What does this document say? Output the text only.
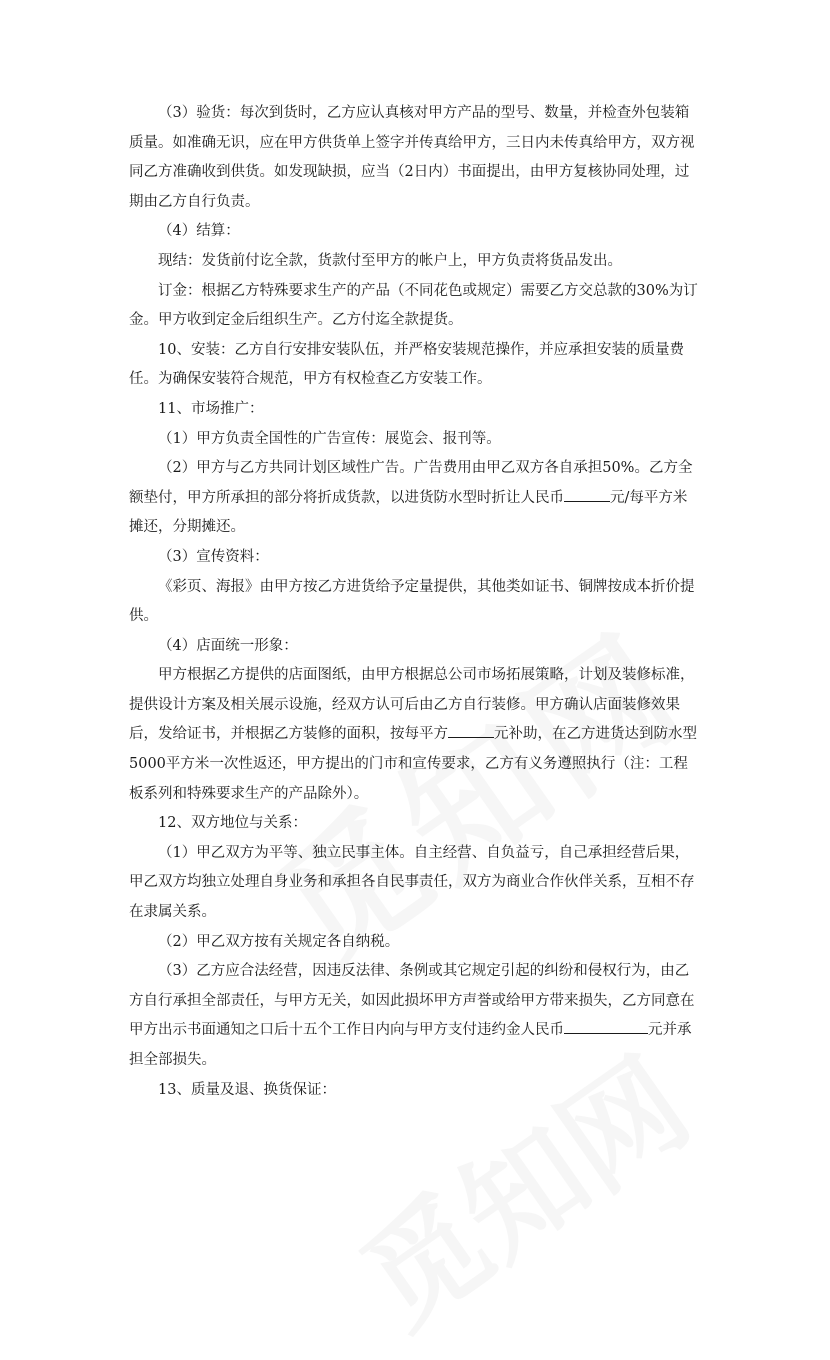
（3）验货：每次到货时，乙方应认真核对甲方产品的型号、数量，并检查外包装箱质量。如准确无识，应在甲方供货单上签字并传真给甲方，三日内未传真给甲方，双方视同乙方准确收到供货。如发现缺损，应当（2日内）书面提出，由甲方复核协同处理，过期由乙方自行负责。

（4）结算：

现结：发货前付讫全款，货款付至甲方的帐户上，甲方负责将货品发出。

订金：根据乙方特殊要求生产的产品（不同花色或规定）需要乙方交总款的30%为订金。甲方收到定金后组织生产。乙方付迄全款提货。

10、安装：乙方自行安排安装队伍，并严格安装规范操作，并应承担安装的质量费任。为确保安装符合规范，甲方有权检查乙方安装工作。

11、市场推广：

（1）甲方负责全国性的广告宣传：展览会、报刊等。

（2）甲方与乙方共同计划区域性广告。广告费用由甲乙双方各自承担50%。乙方全额垫付，甲方所承担的部分将折成货款，以进货防水型时折让人民币	元/每平方米摊还，分期摊还。

（3）宣传资料：

《彩页、海报》由甲方按乙方进货给予定量提供，其他类如证书、铜牌按成本折价提供。

（4）店面统一形象：

甲方根据乙方提供的店面图纸，由甲方根据总公司市场拓展策略，计划及装修标准，提供设计方案及相关展示设施，经双方认可后由乙方自行装修。甲方确认店面装修效果后，发给证书，并根据乙方装修的面积，按每平方	元补助，在乙方进货达到防水型5000平方米一次性返还，甲方提出的门市和宣传要求，乙方有义务遵照执行（注：工程板系列和特殊要求生产的产品除外）。

12、双方地位与关系：

（1）甲乙双方为平等、独立民事主体。自主经营、自负益亏，自己承担经营后果，甲乙双方均独立处理自身业务和承担各自民事责任，双方为商业合作伙伴关系，互相不存在隶属关系。

（2）甲乙双方按有关规定各自纳税。

（3）乙方应合法经营，因违反法律、条例或其它规定引起的纠纷和侵权行为，由乙方自行承担全部责任，与甲方无关，如因此损坏甲方声誉或给甲方带来损失，乙方同意在甲方出示书面通知之口后十五个工作日内向与甲方支付违约金人民币	元并承担全部损失。

13、质量及退、换货保证：
